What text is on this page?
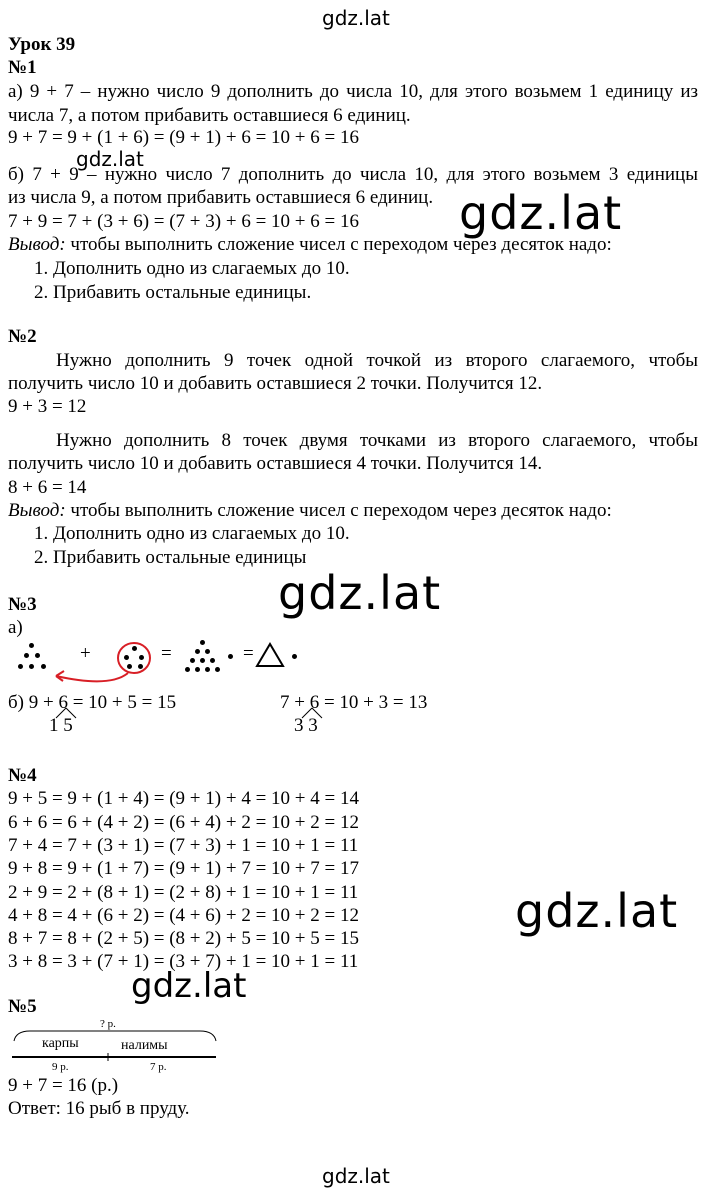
gdz.lat
gdz.lat
gdz.lat
gdz.lat
gdz.lat
gdz.lat
gdz.lat
Урок 39
№1
а) 9 + 7 – нужно число 9 дополнить до числа 10, для этого возьмем 1 единицу из
числа 7, а потом прибавить оставшиеся 6 единиц.
9 + 7 = 9 + (1 + 6) = (9 + 1) + 6 = 10 + 6 = 16
б) 7 + 9 – нужно число 7 дополнить до числа 10, для этого возьмем 3 единицы
из числа 9, а потом прибавить оставшиеся 6 единиц.
7 + 9 = 7 + (3 + 6) = (7 + 3) + 6 = 10 + 6 = 16
Вывод: чтобы выполнить сложение чисел с переходом через десяток надо:
1. Дополнить одно из слагаемых до 10.
2. Прибавить остальные единицы.
№2
Нужно дополнить 9 точек одной точкой из второго слагаемого, чтобы
получить число 10 и добавить оставшиеся 2 точки. Получится 12.
9 + 3 = 12
Нужно дополнить 8 точек двумя точками из второго слагаемого, чтобы
получить число 10 и добавить оставшиеся 4 точки. Получится 14.
8 + 6 = 14
Вывод: чтобы выполнить сложение чисел с переходом через десяток надо:
1. Дополнить одно из слагаемых до 10.
2. Прибавить остальные единицы
№3
а)
+	=	=
б) 9 + 6 = 10 + 5 = 15
1 5
7 + 6 = 10 + 3 = 13
3 3
№4
9 + 5 = 9 + (1 + 4) = (9 + 1) + 4 = 10 + 4 = 14
6 + 6 = 6 + (4 + 2) = (6 + 4) + 2 = 10 + 2 = 12
7 + 4 = 7 + (3 + 1) = (7 + 3) + 1 = 10 + 1 = 11
9 + 8 = 9 + (1 + 7) = (9 + 1) + 7 = 10 + 7 = 17
2 + 9 = 2 + (8 + 1) = (2 + 8) + 1 = 10 + 1 = 11
4 + 8 = 4 + (6 + 2) = (4 + 6) + 2 = 10 + 2 = 12
8 + 7 = 8 + (2 + 5) = (8 + 2) + 5 = 10 + 5 = 15
3 + 8 = 3 + (7 + 1) = (3 + 7) + 1 = 10 + 1 = 11
№5
? р.
карпы	налимы
9 р.	7 р.
9 + 7 = 16 (р.)
Ответ: 16 рыб в пруду.
